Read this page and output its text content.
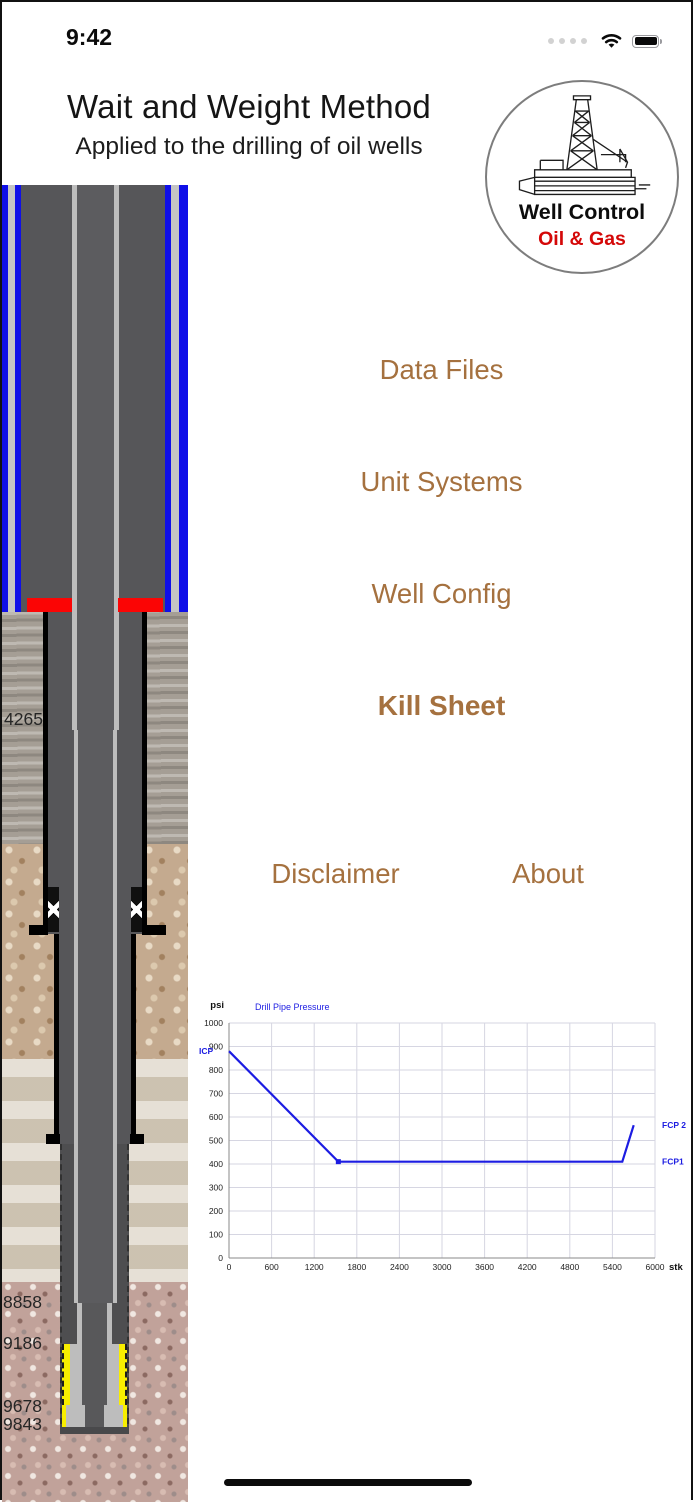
9:42
Wait and Weight Method
Applied to the drilling of oil wells
Well Control
Oil & Gas
4265
8858
9186
9678
9843
Data Files
Unit Systems
Well Config
Kill Sheet
Disclaimer	About
0
100
200
300
400
500
600
700
800
900
1000
0	600	1200	1800	2400	3000	3600	4200	4800	5400	6000
psi
stk
Drill Pipe Pressure
ICP
FCP 2
FCP1
